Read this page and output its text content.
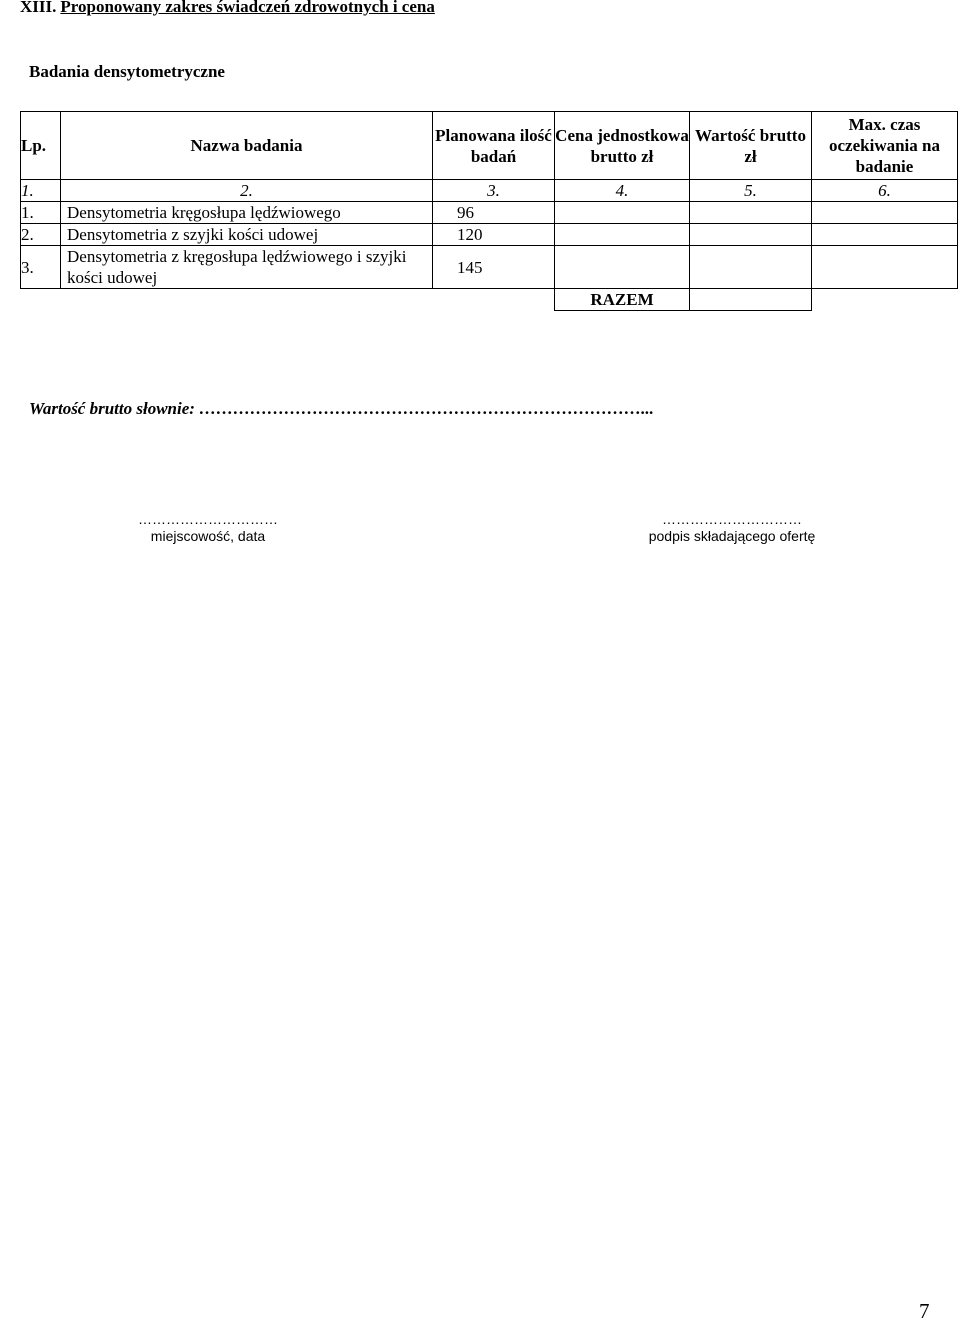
XIII. Proponowany zakres świadczeń zdrowotnych i cena
Badania densytometryczne
Lp.	Nazwa badania	Planowana ilość badań	Cena jednostkowa brutto zł	Wartość brutto zł	Max. czas oczekiwania na badanie
1.	2.	3.	4.	5.	6.
1.	Densytometria kręgosłupa lędźwiowego	96			
2.	Densytometria z szyjki kości udowej	120			
3.	Densytometria z kręgosłupa lędźwiowego i szyjki kości udowej	145			
			RAZEM		
Wartość brutto słownie: ……………………………………………………………………...
…………………………
miejscowość, data
…………………………
podpis składającego ofertę
7
